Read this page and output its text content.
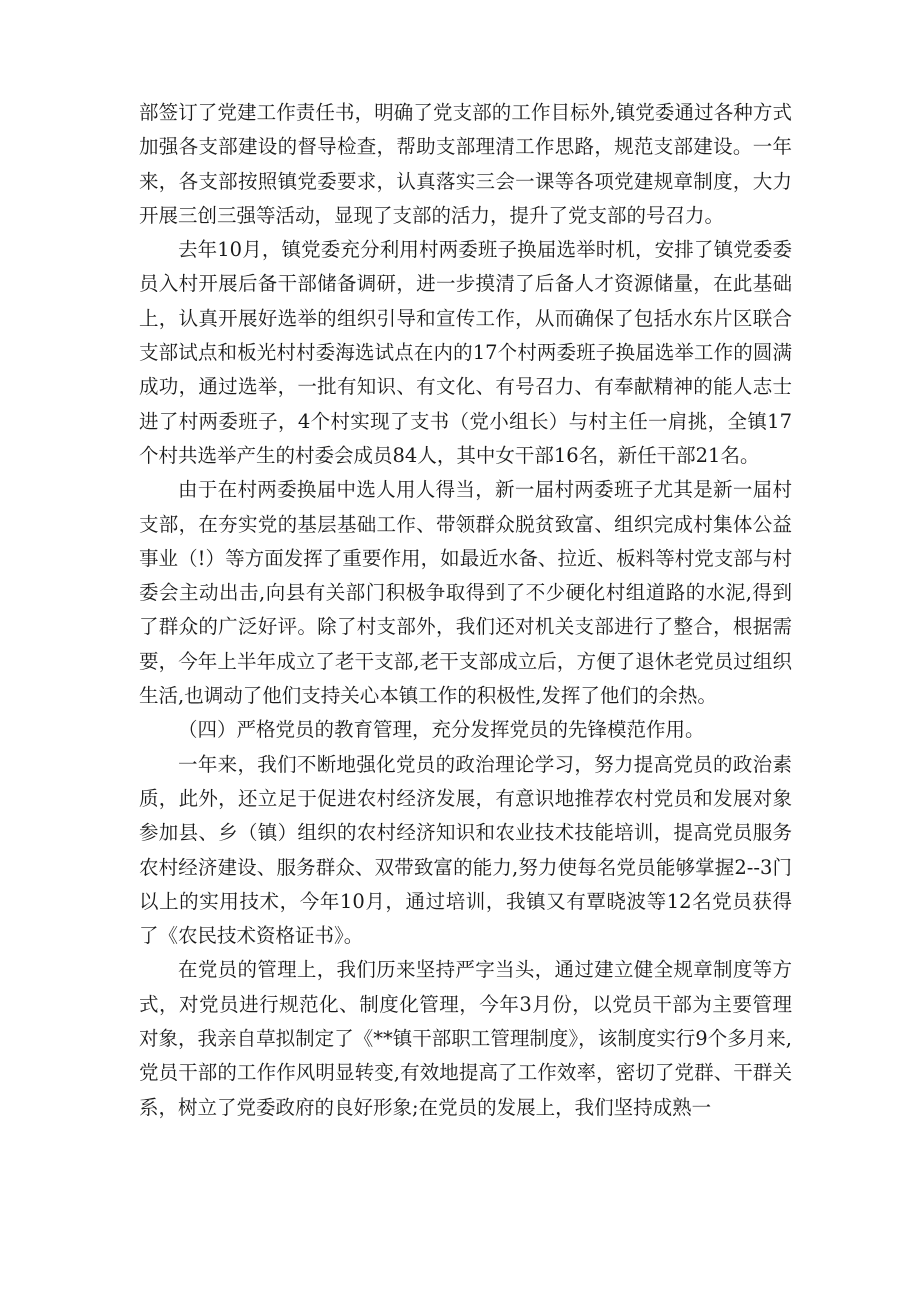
部签订了党建工作责任书，明确了党支部的工作目标外,镇党委通过各种方式加强各支部建设的督导检查，帮助支部理清工作思路，规范支部建设。一年来，各支部按照镇党委要求，认真落实三会一课等各项党建规章制度，大力开展三创三强等活动，显现了支部的活力，提升了党支部的号召力。

去年10月，镇党委充分利用村两委班子换届选举时机，安排了镇党委委员入村开展后备干部储备调研，进一步摸清了后备人才资源储量，在此基础上，认真开展好选举的组织引导和宣传工作，从而确保了包括水东片区联合支部试点和板光村村委海选试点在内的17个村两委班子换届选举工作的圆满成功，通过选举，一批有知识、有文化、有号召力、有奉献精神的能人志士进了村两委班子，4个村实现了支书（党小组长）与村主任一肩挑，全镇17个村共选举产生的村委会成员84人，其中女干部16名，新任干部21名。

由于在村两委换届中选人用人得当，新一届村两委班子尤其是新一届村支部，在夯实党的基层基础工作、带领群众脱贫致富、组织完成村集体公益事业（!）等方面发挥了重要作用，如最近水备、拉近、板料等村党支部与村委会主动出击,向县有关部门积极争取得到了不少硬化村组道路的水泥,得到了群众的广泛好评。除了村支部外，我们还对机关支部进行了整合，根据需要，今年上半年成立了老干支部,老干支部成立后，方便了退休老党员过组织生活,也调动了他们支持关心本镇工作的积极性,发挥了他们的余热。

（四）严格党员的教育管理，充分发挥党员的先锋模范作用。

一年来，我们不断地强化党员的政治理论学习，努力提高党员的政治素质，此外，还立足于促进农村经济发展，有意识地推荐农村党员和发展对象参加县、乡（镇）组织的农村经济知识和农业技术技能培训，提高党员服务农村经济建设、服务群众、双带致富的能力,努力使每名党员能够掌握2--3门以上的实用技术，今年10月，通过培训，我镇又有覃晓波等12名党员获得了《农民技术资格证书》。

在党员的管理上，我们历来坚持严字当头，通过建立健全规章制度等方式，对党员进行规范化、制度化管理，今年3月份，以党员干部为主要管理对象，我亲自草拟制定了《**镇干部职工管理制度》，该制度实行9个多月来,党员干部的工作作风明显转变,有效地提高了工作效率，密切了党群、干群关系，树立了党委政府的良好形象;在党员的发展上，我们坚持成熟一
